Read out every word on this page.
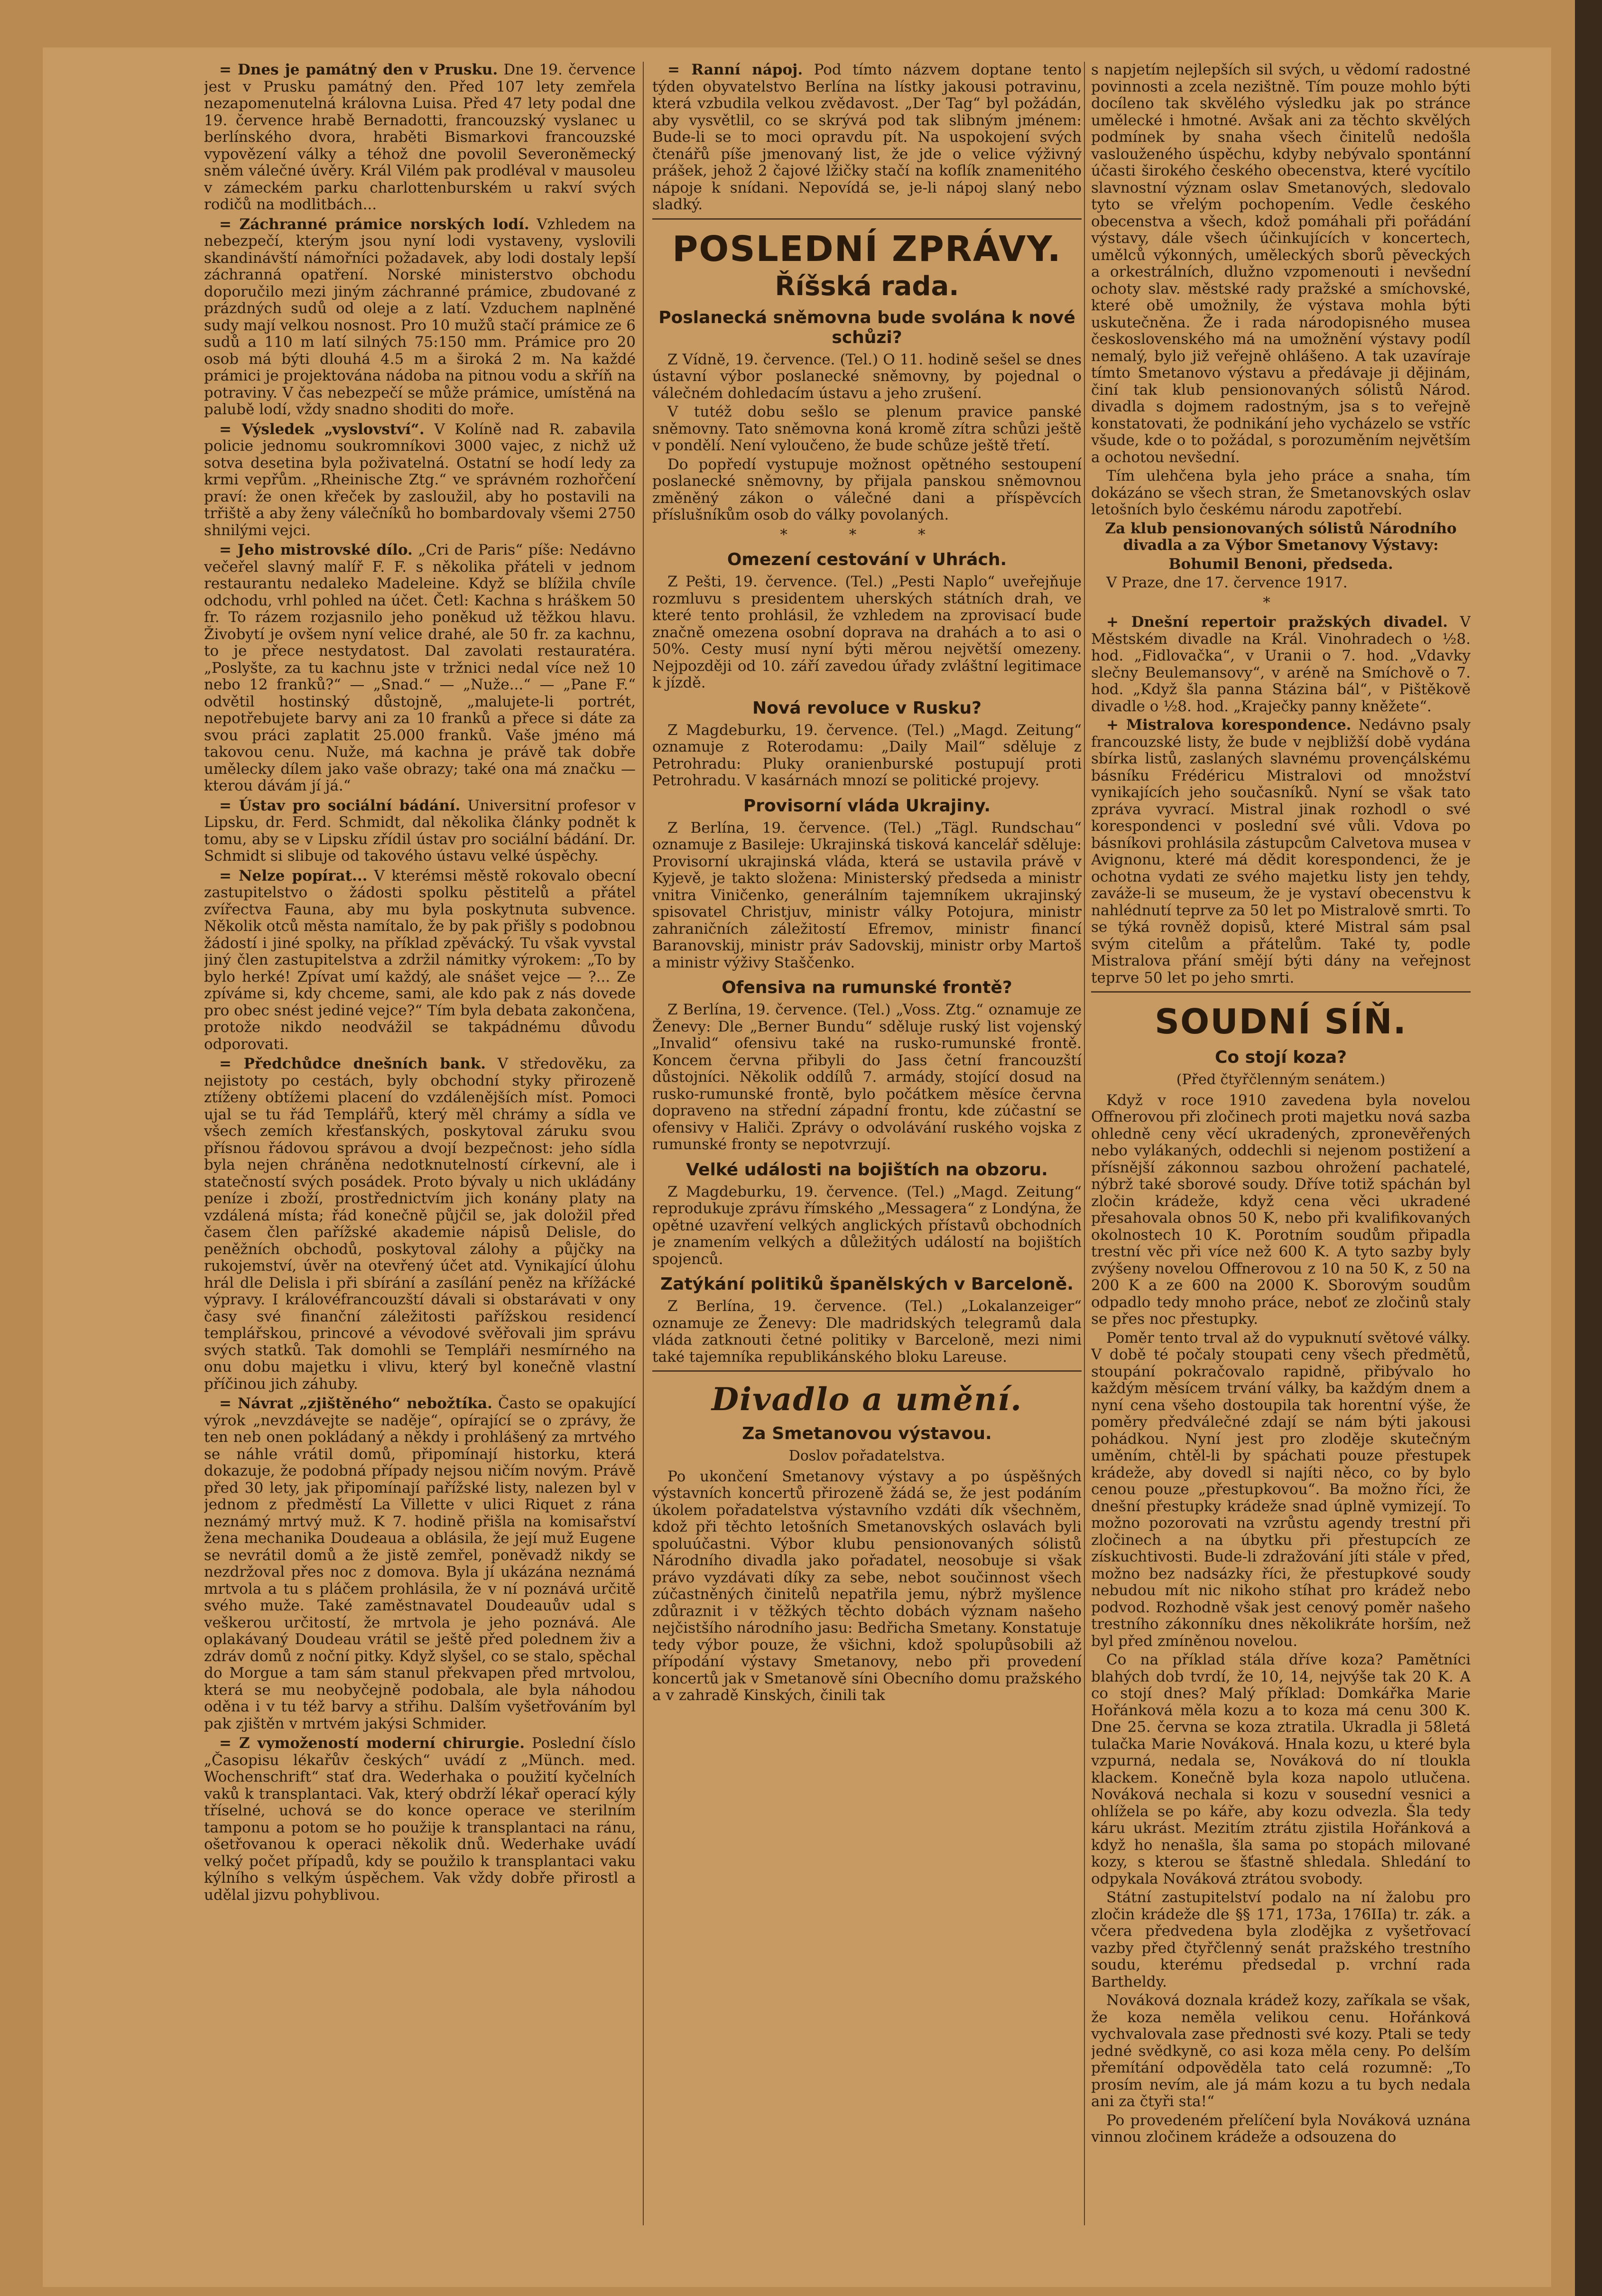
= Dnes je památný den v Prusku. Dne 19. července jest v Prusku památný den. Před 107 lety zemřela nezapomenutelná královna Luisa. Před 47 lety podal dne 19. července hrabě Bernadotti, francouzský vyslanec u berlínského dvora, hraběti Bismarkovi francouzské vypovězení války a téhož dne povolil Severoněmecký sněm válečné úvěry. Král Vilém pak prodléval v mausoleu v zámeckém parku charlottenburském u rakví svých rodičů na modlitbách...

= Záchranné prámice norských lodí. Vzhledem na nebezpečí, kterým jsou nyní lodi vystaveny, vyslovili skandinávští námořníci požadavek, aby lodi dostaly lepší záchranná opatření. Norské ministerstvo obchodu doporučilo mezi jiným záchranné prámice, zbudované z prázdných sudů od oleje a z latí. Vzduchem naplněné sudy mají velkou nosnost. Pro 10 mužů stačí prámice ze 6 sudů a 110 m latí silných 75:150 mm. Prámice pro 20 osob má býti dlouhá 4.5 m a široká 2 m. Na každé prámici je projektována nádoba na pitnou vodu a skříň na potraviny. V čas nebezpečí se může prámice, umístěná na palubě lodí, vždy snadno shoditi do moře.

= Výsledek „vyslovství“. V Kolíně nad R. zabavila policie jednomu soukromníkovi 3000 vajec, z nichž už sotva desetina byla poživatelná. Ostatní se hodí ledy za krmi vepřům. „Rheinische Ztg.“ ve správném rozhořčení praví: že onen křeček by zasloužil, aby ho postavili na trřiště a aby ženy válečníků ho bombardovaly všemi 2750 shnilými vejci.

= Jeho mistrovské dílo. „Cri de Paris“ píše: Nedávno večeřel slavný malíř F. F. s několika přáteli v jednom restaurantu nedaleko Madeleine. Když se blížila chvíle odchodu, vrhl pohled na účet. Četl: Kachna s hráškem 50 fr. To rázem rozjasnilo jeho poněkud už těžkou hlavu. Živobytí je ovšem nyní velice drahé, ale 50 fr. za kachnu, to je přece nestydatost. Dal zavolati restauratéra. „Poslyšte, za tu kachnu jste v tržnici nedal více než 10 nebo 12 franků?“ — „Snad.“ — „Nuže...“ — „Pane F.“ odvětil hostinský důstojně, „malujete-li portrét, nepotřebujete barvy ani za 10 franků a přece si dáte za svou práci zaplatit 25.000 franků. Vaše jméno má takovou cenu. Nuže, má kachna je právě tak dobře umělecky dílem jako vaše obrazy; také ona má značku — kterou dávám jí já.“

= Ústav pro sociální bádání. Universitní profesor v Lipsku, dr. Ferd. Schmidt, dal několika články podnět k tomu, aby se v Lipsku zřídil ústav pro sociální bádání. Dr. Schmidt si slibuje od takového ústavu velké úspěchy.

= Nelze popírat... V kterémsi městě rokovalo obecní zastupitelstvo o žádosti spolku pěstitelů a přátel zvířectva Fauna, aby mu byla poskytnuta subvence. Několik otců města namítalo, že by pak přišly s podobnou žádostí i jiné spolky, na příklad zpěvácký. Tu však vyvstal jiný člen zastupitelstva a zdržil námitky výrokem: „To by bylo herké! Zpívat umí každý, ale snášet vejce — ?... Ze zpíváme si, kdy chceme, sami, ale kdo pak z nás dovede pro obec snést jediné vejce?“ Tím byla debata zakončena, protože nikdo neodvážil se takpádnému důvodu odporovati.

= Předchůdce dnešních bank. V středověku, za nejistoty po cestách, byly obchodní styky přirozeně ztíženy obtížemi placení do vzdálenějších míst. Pomoci ujal se tu řád Templářů, který měl chrámy a sídla ve všech zemích křesťanských, poskytoval záruku svou přísnou řádovou správou a dvojí bezpečnost: jeho sídla byla nejen chráněna nedotknutelností církevní, ale i statečností svých posádek. Proto bývaly u nich ukládány peníze i zboží, prostřednictvím jich konány platy na vzdálená místa; řád konečně půjčil se, jak doložil před časem člen pařížské akademie nápisů Delisle, do peněžních obchodů, poskytoval zálohy a půjčky na rukojemství, úvěr na otevřený účet atd. Vynikající úlohu hrál dle Delisla i při sbírání a zasílání peněz na křížácké výpravy. I královéfrancouzští dávali si obstarávati v ony časy své finanční záležitosti pařížskou residencí templářskou, princové a vévodové svěřovali jim správu svých statků. Tak domohli se Templáři nesmírného na onu dobu majetku i vlivu, který byl konečně vlastní příčinou jich záhuby.

= Návrat „zjištěného“ nebožtíka. Často se opakující výrok „nevzdávejte se naděje“, opírající se o zprávy, že ten neb onen pokládaný a někdy i prohlášený za mrtvého se náhle vrátil domů, připomínají historku, která dokazuje, že podobná případy nejsou ničím novým. Právě před 30 lety, jak připomínají pařížské listy, nalezen byl v jednom z předměstí La Villette v ulici Riquet z rána neznámý mrtvý muž. K 7. hodině přišla na komisařství žena mechanika Doudeaua a oblásila, že její muž Eugene se nevrátil domů a že jistě zemřel, poněvadž nikdy se nezdržoval přes noc z domova. Byla jí ukázána neznámá mrtvola a tu s pláčem prohlásila, že v ní poznává určitě svého muže. Také zaměstnavatel Doudeauův udal s veškerou určitostí, že mrtvola je jeho poznává. Ale oplakávaný Doudeau vrátil se ještě před polednem živ a zdráv domů z noční pitky. Když slyšel, co se stalo, spěchal do Morgue a tam sám stanul překvapen před mrtvolou, která se mu neobyčejně podobala, ale byla náhodou oděna i v tu též barvy a střihu. Dalším vyšetřováním byl pak zjištěn v mrtvém jakýsi Schmider.

= Z vymožeností moderní chirurgie. Poslední číslo „Časopisu lékařův českých“ uvádí z „Münch. med. Wochenschrift“ stať dra. Wederhaka o použití kyčelních vaků k transplantaci. Vak, který obdrží lékař operací kýly tříselné, uchová se do konce operace ve sterilním tamponu a potom se ho použije k transplantaci na ránu, ošetřovanou k operaci několik dnů. Wederhake uvádí velký počet případů, kdy se použilo k transplantaci vaku kýlního s velkým úspěchem. Vak vždy dobře přirostl a udělal jizvu pohyblivou.

= Ranní nápoj. Pod tímto názvem doptane tento týden obyvatelstvo Berlína na lístky jakousi potravinu, která vzbudila velkou zvědavost. „Der Tag“ byl požádán, aby vysvětlil, co se skrývá pod tak slibným jménem: Bude-li se to moci opravdu pít. Na uspokojení svých čtenářů píše jmenovaný list, že jde o velice výživný prášek, jehož 2 čajové lžičky stačí na koflík znamenitého nápoje k snídani. Nepovídá se, je-li nápoj slaný nebo sladký.

POSLEDNÍ ZPRÁVY.
Říšská rada.
Poslanecká sněmovna bude svolána k nové schůzi?

Z Vídně, 19. července. (Tel.) O 11. hodině sešel se dnes ústavní výbor poslanecké sněmovny, by pojednal o válečném dohledacím ústavu a jeho zrušení.

V tutéž dobu sešlo se plenum pravice panské sněmovny. Tato sněmovna koná kromě zítra schůzi ještě v pondělí. Není vyloučeno, že bude schůze ještě třetí.

Do popředí vystupuje možnost opětného sestoupení poslanecké sněmovny, by přijala panskou sněmovnou změněný zákon o válečné dani a příspěvcích příslušníkům osob do války povolaných.

* * *
Omezení cestování v Uhrách.

Z Pešti, 19. července. (Tel.) „Pesti Naplo“ uveřejňuje rozmluvu s presidentem uherských státních drah, ve které tento prohlásil, že vzhledem na zprovisací bude značně omezena osobní doprava na drahách a to asi o 50%. Cesty musí nyní býti měrou největší omezeny. Nejpozději od 10. září zavedou úřady zvláštní legitimace k jízdě.

Nová revoluce v Rusku?

Z Magdeburku, 19. července. (Tel.) „Magd. Zeitung“ oznamuje z Roterodamu: „Daily Mail“ sděluje z Petrohradu: Pluky oranienburské postupují proti Petrohradu. V kasárnách mnozí se politické projevy.

Provisorní vláda Ukrajiny.

Z Berlína, 19. července. (Tel.) „Tägl. Rundschau“ oznamuje z Basileje: Ukrajinská tisková kancelář sděluje: Provisorní ukrajinská vláda, která se ustavila právě v Kyjevě, je takto složena: Ministerský předseda a ministr vnitra Viničenko, generálním tajemníkem ukrajinský spisovatel Christjuv, ministr války Potojura, ministr zahraničních záležitostí Efremov, ministr financí Baranovskij, ministr práv Sadovskij, ministr orby Martoš a ministr výživy Staščenko.

Ofensiva na rumunské frontě?

Z Berlína, 19. července. (Tel.) „Voss. Ztg.“ oznamuje ze Ženevy: Dle „Berner Bundu“ sděluje ruský list vojenský „Invalid“ ofensivu také na rusko-rumunské frontě. Koncem června přibyli do Jass četní francouzští důstojníci. Několik oddílů 7. armády, stojící dosud na rusko-rumunské frontě, bylo počátkem měsíce června dopraveno na střední západní frontu, kde zúčastní se ofensivy v Haliči. Zprávy o odvolávání ruského vojska z rumunské fronty se nepotvrzují.

Velké události na bojištích na obzoru.

Z Magdeburku, 19. července. (Tel.) „Magd. Zeitung“ reprodukuje zprávu římského „Messagera“ z Londýna, že opětné uzavření velkých anglických přístavů obchodních je znamením velkých a důležitých událostí na bojištích spojenců.

Zatýkání politiků španělských v Barceloně.

Z Berlína, 19. července. (Tel.) „Lokalanzeiger“ oznamuje ze Ženevy: Dle madridských telegramů dala vláda zatknouti četné politiky v Barceloně, mezi nimi také tajemníka republikánského bloku Lareuse.

Divadlo a umění.
Za Smetanovou výstavou.
Doslov pořadatelstva.

Po ukončení Smetanovy výstavy a po úspěšných výstavních koncertů přirozeně žádá se, že jest podáním úkolem pořadatelstva výstavního vzdáti dík všechněm, kdož při těchto letošních Smetanovských oslavách byli spoluúčastni. Výbor klubu pensionovaných sólistů Národního divadla jako pořadatel, neosobuje si však právo vyzdávati díky za sebe, nebot součinnost všech zúčastněných činitelů nepatřila jemu, nýbrž myšlence zdůraznit i v těžkých těchto dobách význam našeho nejčistšího národního jasu: Bedřicha Smetany. Konstatuje tedy výbor pouze, že všichni, kdož spolupůsobili až přípodání výstavy Smetanovy, nebo při provedení koncertů jak v Smetanově síni Obecního domu pražského a v zahradě Kinských, činili tak

s napjetím nejlepších sil svých, u vědomí radostné povinnosti a zcela nezištně. Tím pouze mohlo býti docíleno tak skvělého výsledku jak po stránce umělecké i hmotné. Avšak ani za těchto skvělých podmínek by snaha všech činitelů nedošla vaslouženého úspěchu, kdyby nebývalo spontánní účasti širokého českého obecenstva, které vycítilo slavnostní význam oslav Smetanových, sledovalo tyto se vřelým pochopením. Vedle českého obecenstva a všech, kdož pomáhali při pořádání výstavy, dále všech účinkujících v koncertech, umělců výkonných, uměleckých sborů pěveckých a orkestrálních, dlužno vzpomenouti i nevšední ochoty slav. městské rady pražské a smíchovské, které obě umožnily, že výstava mohla býti uskutečněna. Že i rada národopisného musea československého má na umožnění výstavy podíl nemalý, bylo již veřejně ohlášeno. A tak uzavíraje tímto Smetanovo výstavu a předávaje ji dějinám, činí tak klub pensionovaných sólistů Národ. divadla s dojmem radostným, jsa s to veřejně konstatovati, že podnikání jeho vycházelo se vstříc všude, kde o to požádal, s porozuměním největším a ochotou nevšední.

Tím ulehčena byla jeho práce a snaha, tím dokázáno se všech stran, že Smetanovských oslav letošních bylo českému národu zapotřebí.

Za klub pensionovaných sólistů Národního divadla a za Výbor Smetanovy Výstavy:
Bohumil Benoni, předseda.

V Praze, dne 17. července 1917.

*

+ Dnešní repertoir pražských divadel. V Městském divadle na Král. Vinohradech o ½8. hod. „Fidlovačka“, v Uranii o 7. hod. „Vdavky slečny Beulemansovy“, v aréně na Smíchově o 7. hod. „Když šla panna Stázina bál“, v Pištěkově divadle o ½8. hod. „Kraječky panny kněžete“.

+ Mistralova korespondence. Nedávno psaly francouzské listy, že bude v nejbližší době vydána sbírka listů, zaslaných slavnému provençálskému básníku Frédéricu Mistralovi od množství vynikajících jeho současníků. Nyní se však tato zpráva vyvrací. Mistral jinak rozhodl o své korespondenci v poslední své vůli. Vdova po básníkovi prohlásila zástupcům Calvetova musea v Avignonu, které má dědit korespondenci, že je ochotna vydati ze svého majetku listy jen tehdy, zaváže-li se museum, že je vystaví obecenstvu k nahlédnutí teprve za 50 let po Mistralově smrti. To se týká rovněž dopisů, které Mistral sám psal svým citelům a přátelům. Také ty, podle Mistralova přání smějí býti dány na veřejnost teprve 50 let po jeho smrti.

SOUDNÍ SÍŇ.
Co stojí koza?
(Před čtyřčlenným senátem.)

Když v roce 1910 zavedena byla novelou Offnerovou při zločinech proti majetku nová sazba ohledně ceny věcí ukradených, zpronevěřených nebo vylákaných, oddechli si nejenom postižení a přísnější zákonnou sazbou ohrožení pachatelé, nýbrž také sborové soudy. Dříve totiž spáchán byl zločin krádeže, když cena věci ukradené přesahovala obnos 50 K, nebo při kvalifikovaných okolnostech 10 K. Porotním soudům připadla trestní věc při více než 600 K. A tyto sazby byly zvýšeny novelou Offnerovou z 10 na 50 K, z 50 na 200 K a ze 600 na 2000 K. Sborovým soudům odpadlo tedy mnoho práce, neboť ze zločinů staly se přes noc přestupky.

Poměr tento trval až do vypuknutí světové války. V době té počaly stoupati ceny všech předmětů, stoupání pokračovalo rapidně, přibývalo ho každým měsícem trvání války, ba každým dnem a nyní cena všeho dostoupila tak horentní výše, že poměry předválečné zdají se nám býti jakousi pohádkou. Nyní jest pro zloděje skutečným uměním, chtěl-li by spáchati pouze přestupek krádeže, aby dovedl si najíti něco, co by bylo cenou pouze „přestupkovou“. Ba možno říci, že dnešní přestupky krádeže snad úplně vymizejí. To možno pozorovati na vzrůstu agendy trestní při zločinech a na úbytku při přestupcích ze získuchtivosti. Bude-li zdražování jíti stále v před, možno bez nadsázky říci, že přestupkové soudy nebudou mít nic nikoho stíhat pro krádež nebo podvod. Rozhodně však jest cenový poměr našeho trestního zákonníku dnes několikráte horším, než byl před zmíněnou novelou.

Co na příklad stála dříve koza? Pamětníci blahých dob tvrdí, že 10, 14, nejvýše tak 20 K. A co stojí dnes? Malý příklad: Domkářka Marie Hořánková měla kozu a to koza má cenu 300 K. Dne 25. června se koza ztratila. Ukradla ji 58letá tulačka Marie Nováková. Hnala kozu, u které byla vzpurná, nedala se, Nováková do ní tloukla klackem. Konečně byla koza napolo utlučena. Nováková nechala si kozu v sousední vesnici a ohlížela se po káře, aby kozu odvezla. Šla tedy káru ukrást. Mezitím ztrátu zjistila Hořánková a když ho nenašla, šla sama po stopách milované kozy, s kterou se šťastně shledala. Shledání to odpykala Nováková ztrátou svobody.

Státní zastupitelství podalo na ní žalobu pro zločin krádeže dle §§ 171, 173a, 176IIa) tr. zák. a včera předvedena byla zlodějka z vyšetřovací vazby před čtyřčlenný senát pražského trestního soudu, kterému předsedal p. vrchní rada Bartheldy.

Nováková doznala krádež kozy, zaříkala se však, že koza neměla velikou cenu. Hořánková vychvalovala zase přednosti své kozy. Ptali se tedy jedné svědkyně, co asi koza měla ceny. Po delším přemítání odpověděla tato celá rozumně: „To prosím nevím, ale já mám kozu a tu bych nedala ani za čtyři sta!“

Po provedeném přelíčení byla Nováková uznána vinnou zločinem krádeže a odsouzena do
